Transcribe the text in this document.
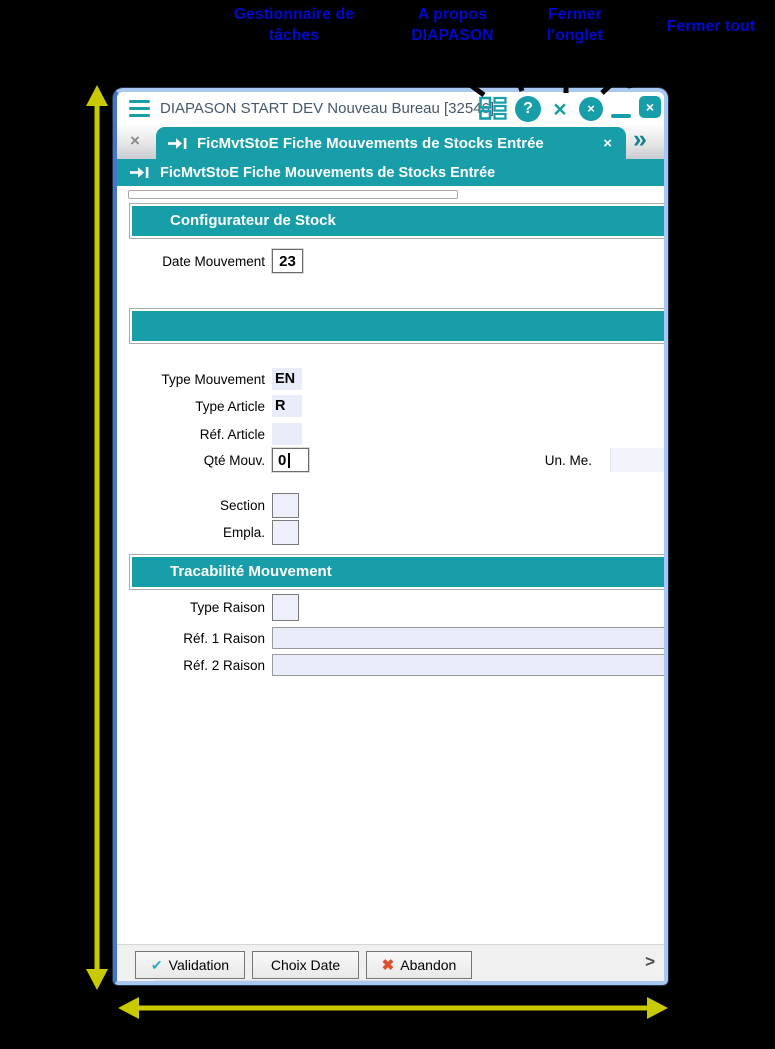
Gestionnaire de
tâches
A propos
DIAPASON
Fermer
l'onglet
Fermer tout
DIAPASON START DEV Nouveau Bureau [32546]	? ×	×	×
×	FicMvtStoE Fiche Mouvements de Stocks Entrée	× »
FicMvtStoE Fiche Mouvements de Stocks Entrée
Configurateur de Stock
Date Mouvement 23
Type Mouvement EN
Type Article R
Réf. Article
Qté Mouv. 0	Un. Me.
Section
Empla.
Tracabilité Mouvement
Type Raison
Réf. 1 Raison
Réf. 2 Raison
✔ Validation	Choix Date	✖ Abandon	>
